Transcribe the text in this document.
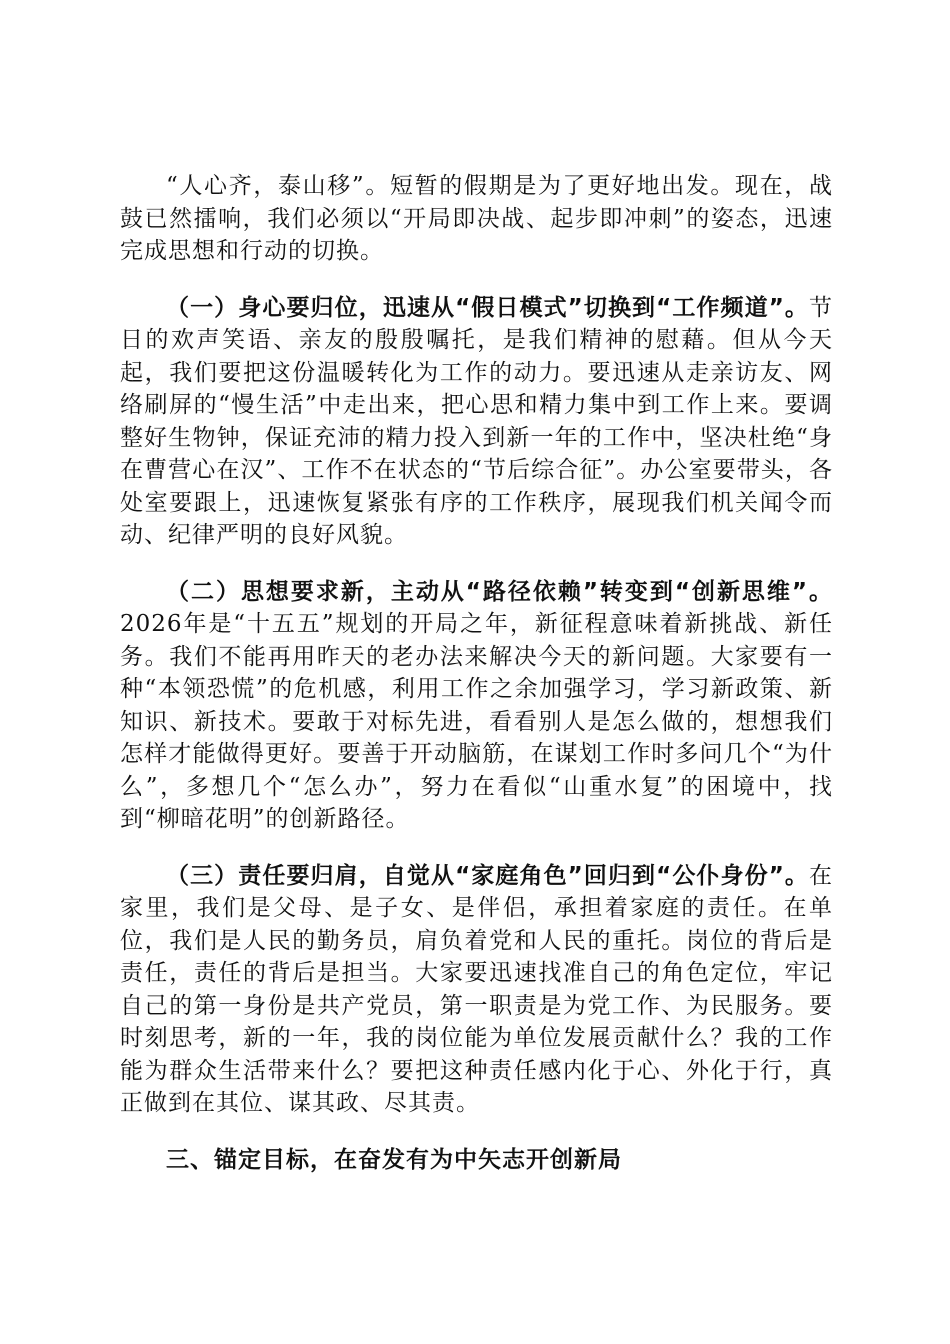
“人心齐，泰山移”。短暂的假期是为了更好地出发。现在，战鼓已然擂响，我们必须以“开局即决战、起步即冲刺”的姿态，迅速完成思想和行动的切换。

（一）身心要归位，迅速从“假日模式”切换到“工作频道”。节日的欢声笑语、亲友的殷殷嘱托，是我们精神的慰藉。但从今天起，我们要把这份温暖转化为工作的动力。要迅速从走亲访友、网络刷屏的“慢生活”中走出来，把心思和精力集中到工作上来。要调整好生物钟，保证充沛的精力投入到新一年的工作中，坚决杜绝“身在曹营心在汉”、工作不在状态的“节后综合征”。办公室要带头，各处室要跟上，迅速恢复紧张有序的工作秩序，展现我们机关闻令而动、纪律严明的良好风貌。

（二）思想要求新，主动从“路径依赖”转变到“创新思维”。2026年是“十五五”规划的开局之年，新征程意味着新挑战、新任务。我们不能再用昨天的老办法来解决今天的新问题。大家要有一种“本领恐慌”的危机感，利用工作之余加强学习，学习新政策、新知识、新技术。要敢于对标先进，看看别人是怎么做的，想想我们怎样才能做得更好。要善于开动脑筋，在谋划工作时多问几个“为什么”，多想几个“怎么办”，努力在看似“山重水复”的困境中，找到“柳暗花明”的创新路径。

（三）责任要归肩，自觉从“家庭角色”回归到“公仆身份”。在家里，我们是父母、是子女、是伴侣，承担着家庭的责任。在单位，我们是人民的勤务员，肩负着党和人民的重托。岗位的背后是责任，责任的背后是担当。大家要迅速找准自己的角色定位，牢记自己的第一身份是共产党员，第一职责是为党工作、为民服务。要时刻思考，新的一年，我的岗位能为单位发展贡献什么？我的工作能为群众生活带来什么？要把这种责任感内化于心、外化于行，真正做到在其位、谋其政、尽其责。

三、锚定目标，在奋发有为中矢志开创新局
